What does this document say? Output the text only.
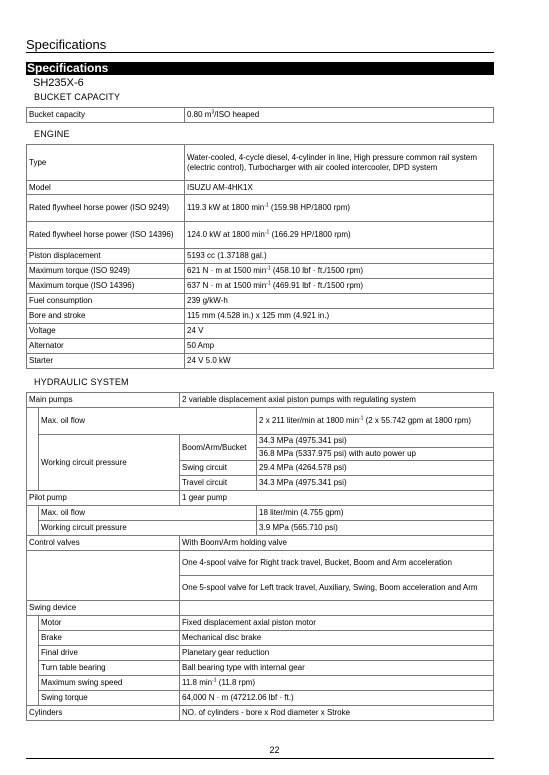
Specifications
Specifications
SH235X-6
BUCKET CAPACITY
Bucket capacity	0.80 $m^3$/ISO heaped
ENGINE
Type	Water-cooled, 4-cycle diesel, 4-cylinder in line, High pressure common rail system (electric control), Turbocharger with air cooled intercooler, DPD system
Model	ISUZU AM-4HK1X
Rated flywheel horse power (ISO 9249)	119.3 kW at 1800 $\min^{-1} (159.98$ HP/1800 rpm)
Rated flywheel horse power (ISO 14396)	124.0 kW at 1800 $\min^{-1} (166.29$ HP/1800 rpm)
Piston displacement	5193 cc (1.37188 gal.)
Maximum torque (ISO 9249)	621 N · m at 1500 $\min^{-1} (458.10$ lbf · ft./1500 rpm)
Maximum torque (ISO 14396)	637 N · m at 1500 $\min^{-1} (469.91$ lbf · ft./1500 rpm)
Fuel consumption	239 g/kW-h
Bore and stroke	115 mm (4.528 in.) x 125 mm (4.921 in.)
Voltage	24 V
Alternator	50 Amp
Starter	24 V 5.0 kW
HYDRAULIC SYSTEM
Main pumps		2 variable displacement axial piston pumps with regulating system	
	Max. oil flow		2 x 211 liter/min at 1800 $\min^{-1} (2$ x 55.742 gpm at 1800 rpm)
	Working circuit pressure	Boom/Arm/Bucket	34.3 MPa (4975.341 psi)
			36.8 MPa (5337.975 psi) with auto power up
		Swing circuit	29.4 MPa (4264.578 psi)
		Travel circuit	34.3 MPa (4975.341 psi)
Pilot pump		1 gear pump	
	Max. oil flow		18 liter/min (4.755 gpm)
	Working circuit pressure		3.9 MPa (565.710 psi)
Control valves		With Boom/Arm holding valve	
		One 4-spool valve for Right track travel, Bucket, Boom and Arm acceleration	
		One 5-spool valve for Left track travel, Auxiliary, Swing, Boom acceleration and Arm	
Swing device			
	Motor	Fixed displacement axial piston motor	
	Brake	Mechanical disc brake	
	Final drive	Planetary gear reduction	
	Turn table bearing	Ball bearing type with internal gear	
	Maximum swing speed	11.8 $\min^{-1} (11.8$ rpm)	
	Swing torque	64,000 N · m (47212.06 lbf · ft.)	
Cylinders		NO. of cylinders - bore x Rod diameter x Stroke	
22
